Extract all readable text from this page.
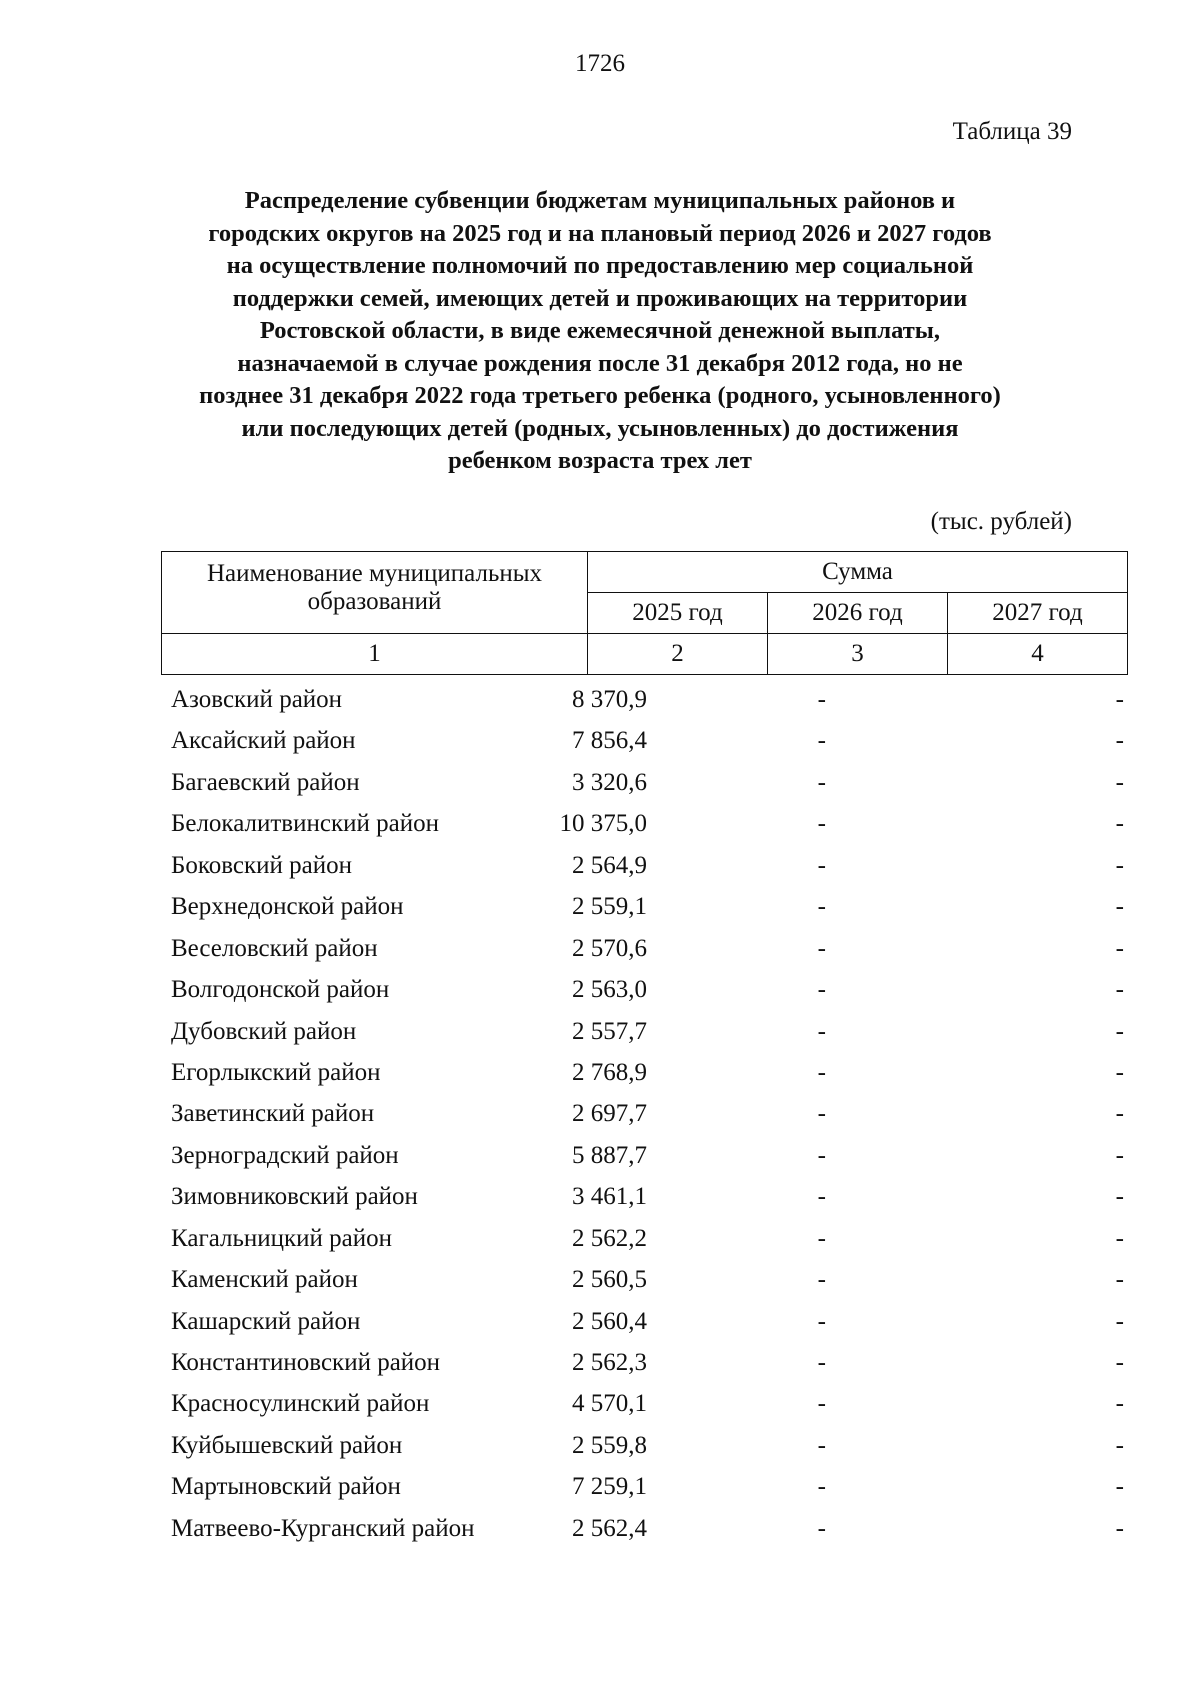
1726
Таблица 39
Распределение субвенции бюджетам муниципальных районов и
городских округов на 2025 год и на плановый период 2026 и 2027 годов
на осуществление полномочий по предоставлению мер социальной
поддержки семей, имеющих детей и проживающих на территории
Ростовской области, в виде ежемесячной денежной выплаты,
назначаемой в случае рождения после 31 декабря 2012 года, но не
позднее 31 декабря 2022 года третьего ребенка (родного, усыновленного)
или последующих детей (родных, усыновленных) до достижения
ребенком возраста трех лет
(тыс. рублей)
Наименование муниципальных образований	Сумма		
	2025 год	2026 год	2027 год
1	2	3	4
Азовский район	8 370,9	-	-
Аксайский район	7 856,4	-	-
Багаевский район	3 320,6	-	-
Белокалитвинский район	10 375,0	-	-
Боковский район	2 564,9	-	-
Верхнедонской район	2 559,1	-	-
Веселовский район	2 570,6	-	-
Волгодонской район	2 563,0	-	-
Дубовский район	2 557,7	-	-
Егорлыкский район	2 768,9	-	-
Заветинский район	2 697,7	-	-
Зерноградский район	5 887,7	-	-
Зимовниковский район	3 461,1	-	-
Кагальницкий район	2 562,2	-	-
Каменский район	2 560,5	-	-
Кашарский район	2 560,4	-	-
Константиновский район	2 562,3	-	-
Красносулинский район	4 570,1	-	-
Куйбышевский район	2 559,8	-	-
Мартыновский район	7 259,1	-	-
Матвеево-Курганский район	2 562,4	-	-
